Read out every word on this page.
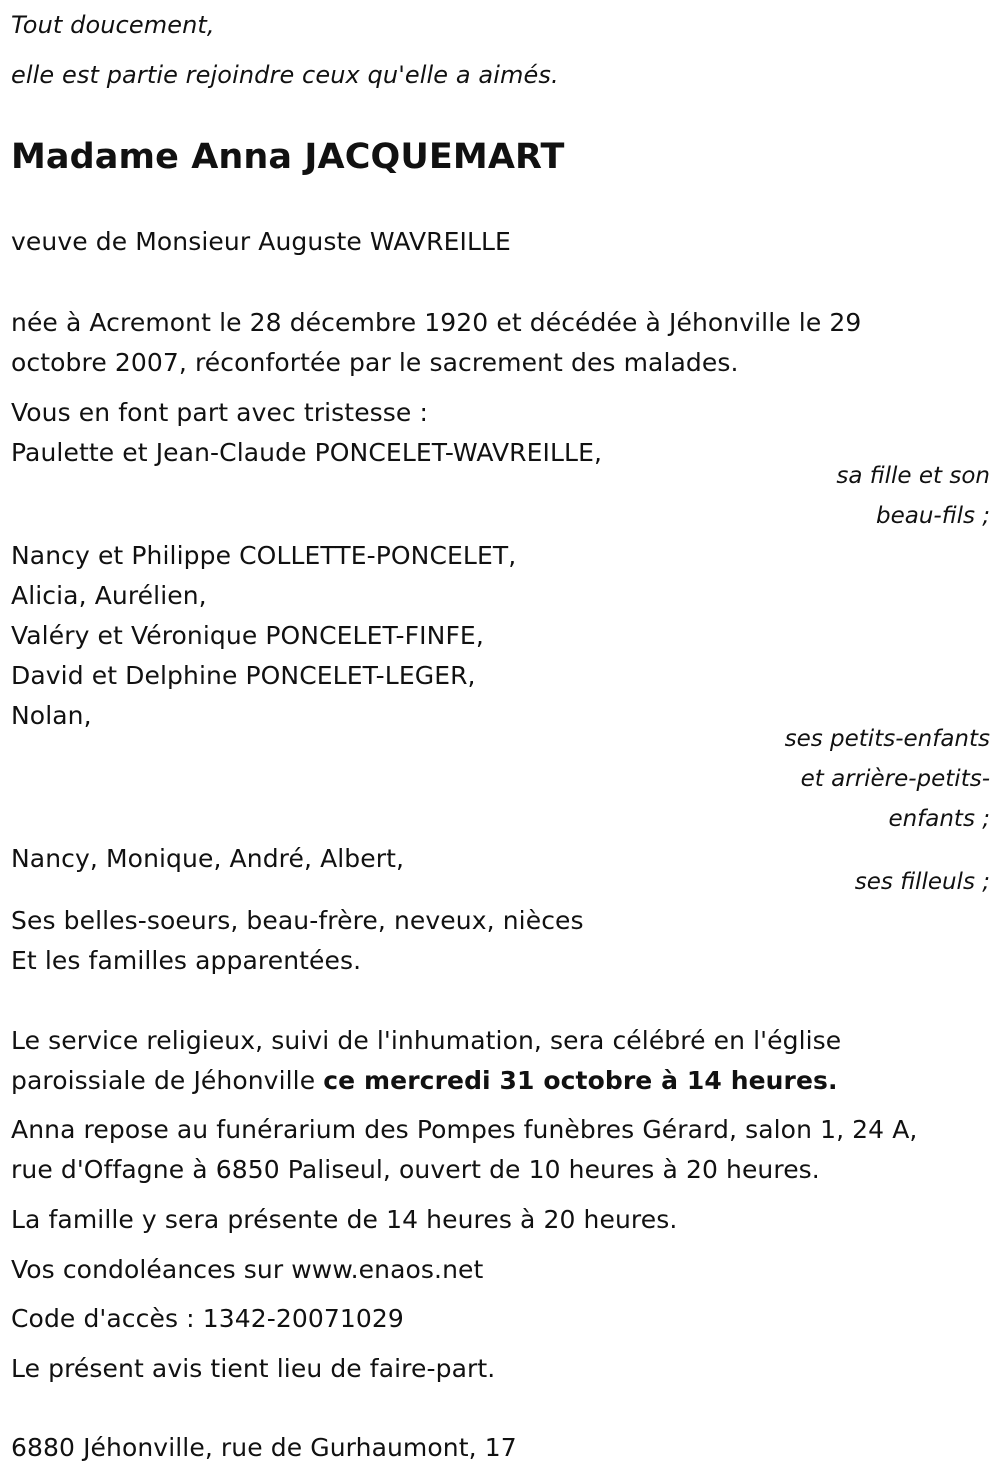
Tout doucement,
elle est partie rejoindre ceux qu'elle a aimés.
Madame Anna JACQUEMART
veuve de Monsieur Auguste WAVREILLE
née à Acremont le 28 décembre 1920 et décédée à Jéhonville le 29
octobre 2007, réconfortée par le sacrement des malades.
Vous en font part avec tristesse :
Paulette et Jean-Claude PONCELET-WAVREILLE,
sa fille et son
beau-fils ;
Nancy et Philippe COLLETTE-PONCELET,
Alicia, Aurélien,
Valéry et Véronique PONCELET-FINFE,
David et Delphine PONCELET-LEGER,
Nolan,
ses petits-enfants
et arrière-petits-
enfants ;
Nancy, Monique, André, Albert,
ses filleuls ;
Ses belles-soeurs, beau-frère, neveux, nièces
Et les familles apparentées.
Le service religieux, suivi de l'inhumation, sera célébré en l'église
paroissiale de Jéhonville ce mercredi 31 octobre à 14 heures.
Anna repose au funérarium des Pompes funèbres Gérard, salon 1, 24 A,
rue d'Offagne à 6850 Paliseul, ouvert de 10 heures à 20 heures.
La famille y sera présente de 14 heures à 20 heures.
Vos condoléances sur www.enaos.net
Code d'accès : 1342-20071029
Le présent avis tient lieu de faire-part.
6880 Jéhonville, rue de Gurhaumont, 17
